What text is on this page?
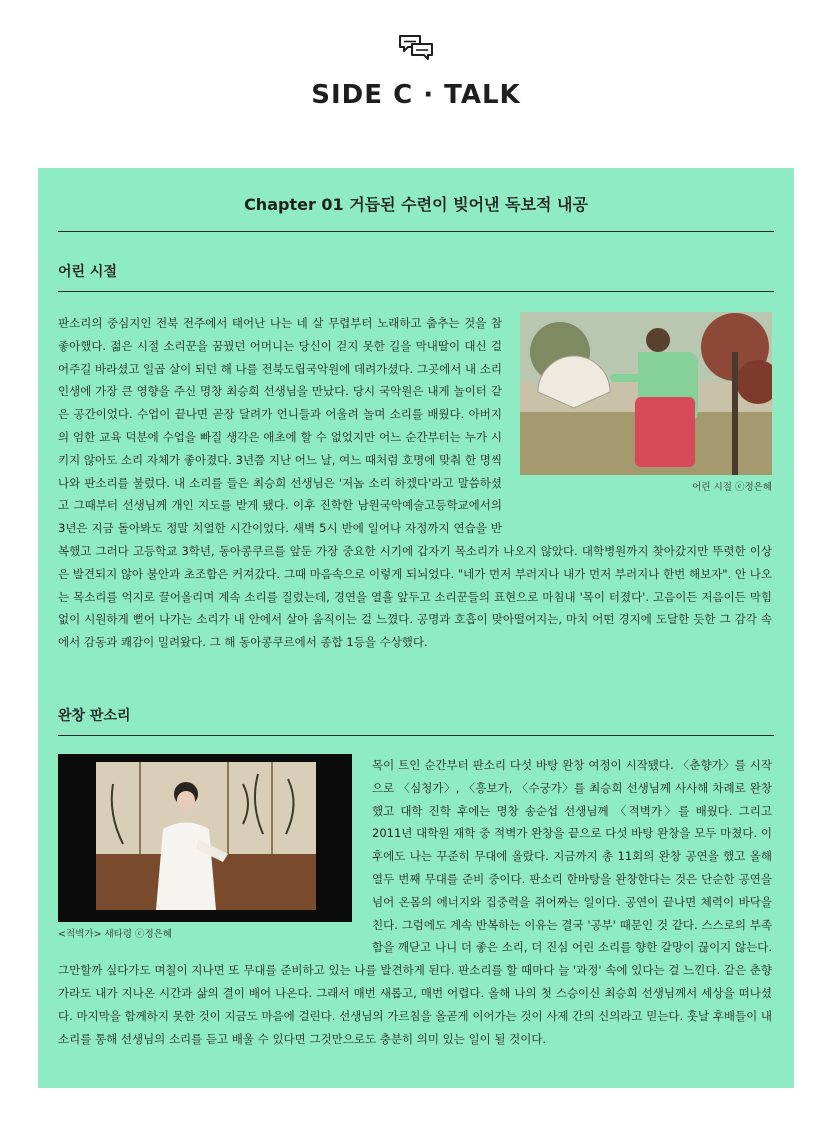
SIDE C · TALK
Chapter 01 거듭된 수련이 빚어낸 독보적 내공
어린 시절
어린 시절 ⓒ정은혜

판소리의 중심지인 전북 전주에서 태어난 나는 네 살 무렵부터 노래하고 춤추는 것을 참 좋아했다. 젊은 시절 소리꾼을 꿈꿨던 어머니는 당신이 걷지 못한 길을 막내딸이 대신 걸어주길 바라셨고 일곱 살이 되던 해 나를 전북도립국악원에 데려가셨다. 그곳에서 내 소리 인생에 가장 큰 영향을 주신 명창 최승희 선생님을 만났다. 당시 국악원은 내게 놀이터 같은 공간이었다. 수업이 끝나면 곧장 달려가 언니들과 어울려 놀며 소리를 배웠다. 아버지의 엄한 교육 덕분에 수업을 빠질 생각은 애초에 할 수 없었지만 어느 순간부터는 누가 시키지 않아도 소리 자체가 좋아졌다. 3년쯤 지난 어느 날, 여느 때처럼 호명에 맞춰 한 명씩 나와 판소리를 불렀다. 내 소리를 들은 최승희 선생님은 '저놈 소리 하겠다'라고 말씀하셨고 그때부터 선생님께 개인 지도를 받게 됐다. 이후 진학한 남원국악예술고등학교에서의 3년은 지금 돌아봐도 정말 치열한 시간이었다. 새벽 5시 반에 일어나 자정까지 연습을 반복했고 그러다 고등학교 3학년, 동아콩쿠르를 앞둔 가장 중요한 시기에 갑자기 목소리가 나오지 않았다. 대학병원까지 찾아갔지만 뚜렷한 이상은 발견되지 않아 불안과 초조함은 커져갔다. 그때 마음속으로 이렇게 되뇌었다. "네가 먼저 부러지나 내가 먼저 부러지나 한번 해보자". 안 나오는 목소리를 억지로 끌어올리며 계속 소리를 질렀는데, 경연을 열흘 앞두고 소리꾼들의 표현으로 마침내 '목이 터졌다'. 고음이든 저음이든 막힘없이 시원하게 뻗어 나가는 소리가 내 안에서 살아 움직이는 걸 느꼈다. 공명과 호흡이 맞아떨어지는, 마치 어떤 경지에 도달한 듯한 그 감각 속에서 감동과 쾌감이 밀려왔다. 그 해 동아콩쿠르에서 종합 1등을 수상했다.

완창 판소리
<적벽가> 새타령 ⓒ정은혜

목이 트인 순간부터 판소리 다섯 바탕 완창 여정이 시작됐다. 〈춘향가〉를 시작으로 〈심청가〉, 〈흥보가, 〈수궁가〉를 최승희 선생님께 사사해 차례로 완창했고 대학 진학 후에는 명창 송순섭 선생님께 〈적벽가〉를 배웠다. 그리고 2011년 대학원 재학 중 적벽가 완창을 끝으로 다섯 바탕 완창을 모두 마쳤다. 이후에도 나는 꾸준히 무대에 올랐다. 지금까지 총 11회의 완창 공연을 했고 올해 열두 번째 무대를 준비 중이다. 판소리 한바탕을 완창한다는 것은 단순한 공연을 넘어 온몸의 에너지와 집중력을 쥐어짜는 일이다. 공연이 끝나면 체력이 바닥을 친다. 그럼에도 계속 반복하는 이유는 결국 '공부' 때문인 것 같다. 스스로의 부족함을 깨닫고 나니 더 좋은 소리, 더 진심 어린 소리를 향한 갈망이 끊이지 않는다. 그만할까 싶다가도 며칠이 지나면 또 무대를 준비하고 있는 나를 발견하게 된다. 판소리를 할 때마다 늘 '과정' 속에 있다는 걸 느낀다. 같은 춘향가라도 내가 지나온 시간과 삶의 결이 배어 나온다. 그래서 매번 새롭고, 매번 어렵다. 올해 나의 첫 스승이신 최승희 선생님께서 세상을 떠나셨다. 마지막을 함께하지 못한 것이 지금도 마음에 걸린다. 선생님의 가르침을 올곧게 이어가는 것이 사제 간의 신의라고 믿는다. 훗날 후배들이 내 소리를 통해 선생님의 소리를 듣고 배울 수 있다면 그것만으로도 충분히 의미 있는 일이 될 것이다.
